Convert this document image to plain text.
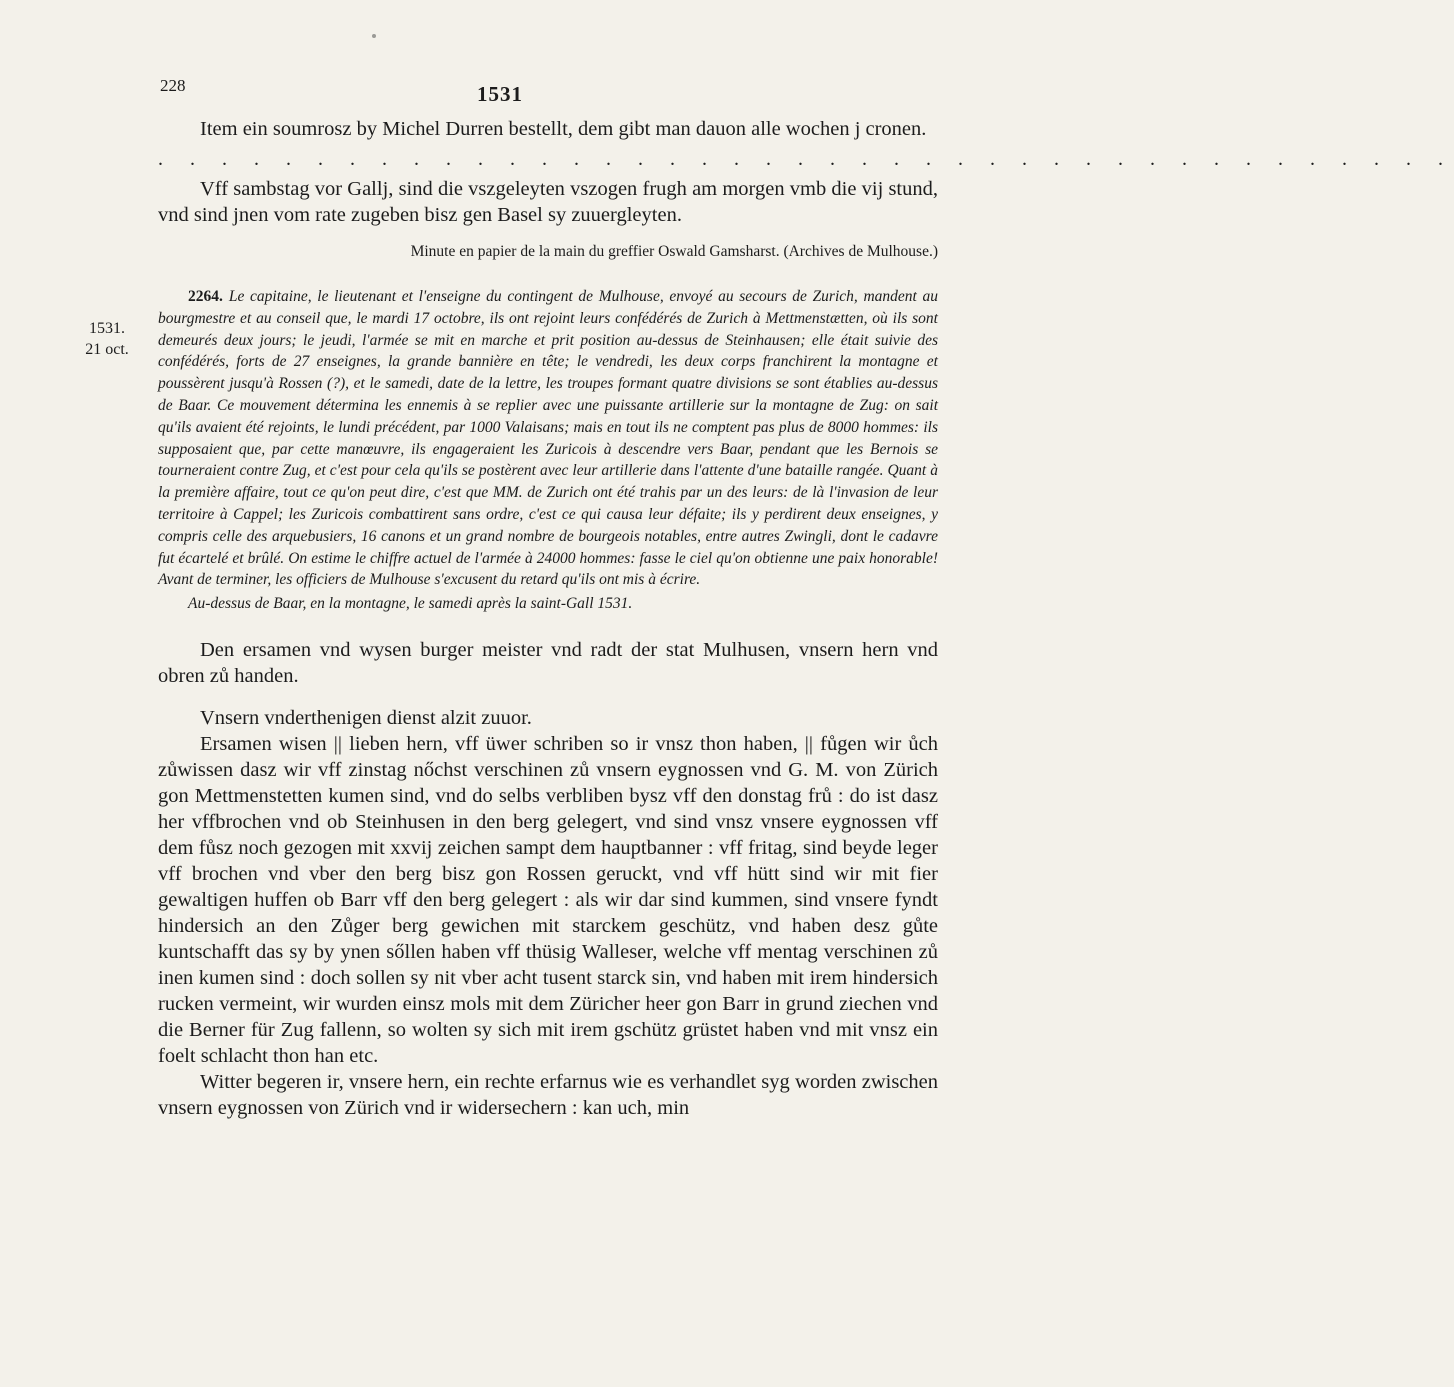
228	1531
1531.
21 oct.

Item ein soumrosz by Michel Durren bestellt, dem gibt man dauon alle wochen j cronen.

. . . . . . . . . . . . . . . . . . . . . . . . . . . . . . . . . . . . . . . . .

Vff sambstag vor Gallj, sind die vszgeleyten vszogen frugh am morgen vmb die vij stund, vnd sind jnen vom rate zugeben bisz gen Basel sy zuuergleyten.

Minute en papier de la main du greffier Oswald Gamsharst. (Archives de Mulhouse.)

2264. Le capitaine, le lieutenant et l'enseigne du contingent de Mulhouse, envoyé au secours de Zurich, mandent au bourgmestre et au conseil que, le mardi 17 octobre, ils ont rejoint leurs confédérés de Zurich à Mettmenstætten, où ils sont demeurés deux jours; le jeudi, l'armée se mit en marche et prit position au-dessus de Steinhausen; elle était suivie des confédérés, forts de 27 enseignes, la grande bannière en tête; le vendredi, les deux corps franchirent la montagne et poussèrent jusqu'à Rossen (?), et le samedi, date de la lettre, les troupes formant quatre divisions se sont établies au-dessus de Baar. Ce mouvement détermina les ennemis à se replier avec une puissante artillerie sur la montagne de Zug: on sait qu'ils avaient été rejoints, le lundi précédent, par 1000 Valaisans; mais en tout ils ne comptent pas plus de 8000 hommes: ils supposaient que, par cette manœuvre, ils engageraient les Zuricois à descendre vers Baar, pendant que les Bernois se tourneraient contre Zug, et c'est pour cela qu'ils se postèrent avec leur artillerie dans l'attente d'une bataille rangée. Quant à la première affaire, tout ce qu'on peut dire, c'est que MM. de Zurich ont été trahis par un des leurs: de là l'invasion de leur territoire à Cappel; les Zuricois combattirent sans ordre, c'est ce qui causa leur défaite; ils y perdirent deux enseignes, y compris celle des arquebusiers, 16 canons et un grand nombre de bourgeois notables, entre autres Zwingli, dont le cadavre fut écartelé et brûlé. On estime le chiffre actuel de l'armée à 24000 hommes: fasse le ciel qu'on obtienne une paix honorable! Avant de terminer, les officiers de Mulhouse s'excusent du retard qu'ils ont mis à écrire.

Au-dessus de Baar, en la montagne, le samedi après la saint-Gall 1531.

Den ersamen vnd wysen burger meister vnd radt der stat Mulhusen, vnsern hern vnd obren zů handen.

Vnsern vnderthenigen dienst alzit zuuor.

Ersamen wisen || lieben hern, vff üwer schriben so ir vnsz thon haben, || fůgen wir ůch zůwissen dasz wir vff zinstag nőchst verschinen zů vnsern eygnossen vnd G. M. von Zürich gon Mettmenstetten kumen sind, vnd do selbs verbliben bysz vff den donstag frů : do ist dasz her vffbrochen vnd ob Steinhusen in den berg gelegert, vnd sind vnsz vnsere eygnossen vff dem fůsz noch gezogen mit xxvij zeichen sampt dem hauptbanner : vff fritag, sind beyde leger vff brochen vnd vber den berg bisz gon Rossen geruckt, vnd vff hütt sind wir mit fier gewaltigen huffen ob Barr vff den berg gelegert : als wir dar sind kummen, sind vnsere fyndt hindersich an den Zůger berg gewichen mit starckem geschütz, vnd haben desz gůte kuntschafft das sy by ynen sőllen haben vff thüsig Walleser, welche vff mentag verschinen zů inen kumen sind : doch sollen sy nit vber acht tusent starck sin, vnd haben mit irem hindersich rucken vermeint, wir wurden einsz mols mit dem Züricher heer gon Barr in grund ziechen vnd die Berner für Zug fallenn, so wolten sy sich mit irem gschütz grüstet haben vnd mit vnsz ein foelt schlacht thon han etc.

Witter begeren ir, vnsere hern, ein rechte erfarnus wie es verhandlet syg worden zwischen vnsern eygnossen von Zürich vnd ir widersechern : kan uch, min
